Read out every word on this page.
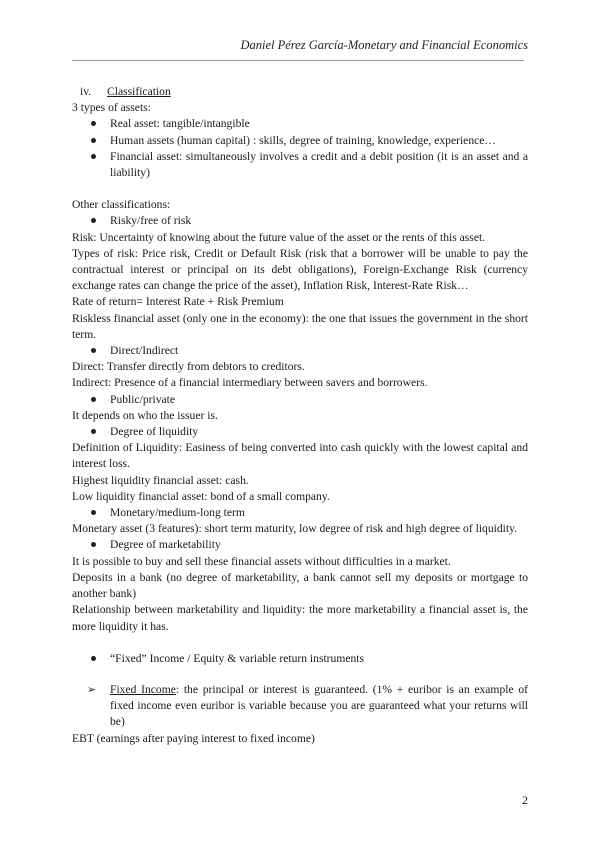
Daniel Pérez García-Monetary and Financial Economics

iv. Classification

3 types of assets:

Real asset: tangible/intangible
Human assets (human capital) : skills, degree of training, knowledge, experience…
Financial asset: simultaneously involves a credit and a debit position (it is an asset and a liability)

Other classifications:

Risky/free of risk

Risk: Uncertainty of knowing about the future value of the asset or the rents of this asset.

Types of risk: Price risk, Credit or Default Risk (risk that a borrower will be unable to pay the contractual interest or principal on its debt obligations), Foreign-Exchange Risk (currency exchange rates can change the price of the asset), Inflation Risk, Interest-Rate Risk…

Rate of return= Interest Rate + Risk Premium

Riskless financial asset (only one in the economy): the one that issues the government in the short term.

Direct/Indirect

Direct: Transfer directly from debtors to creditors.

Indirect: Presence of a financial intermediary between savers and borrowers.

Public/private

It depends on who the issuer is.

Degree of liquidity

Definition of Liquidity: Easiness of being converted into cash quickly with the lowest capital and interest loss.

Highest liquidity financial asset: cash.

Low liquidity financial asset: bond of a small company.

Monetary/medium-long term

Monetary asset (3 features): short term maturity, low degree of risk and high degree of liquidity.

Degree of marketability

It is possible to buy and sell these financial assets without difficulties in a market.

Deposits in a bank (no degree of marketability, a bank cannot sell my deposits or mortgage to another bank)

Relationship between marketability and liquidity: the more marketability a financial asset is, the more liquidity it has.

“Fixed” Income / Equity & variable return instruments
➢ Fixed Income: the principal or interest is guaranteed. (1% + euribor is an example of fixed income even euribor is variable because you are guaranteed what your returns will be)

EBT (earnings after paying interest to fixed income)

2
